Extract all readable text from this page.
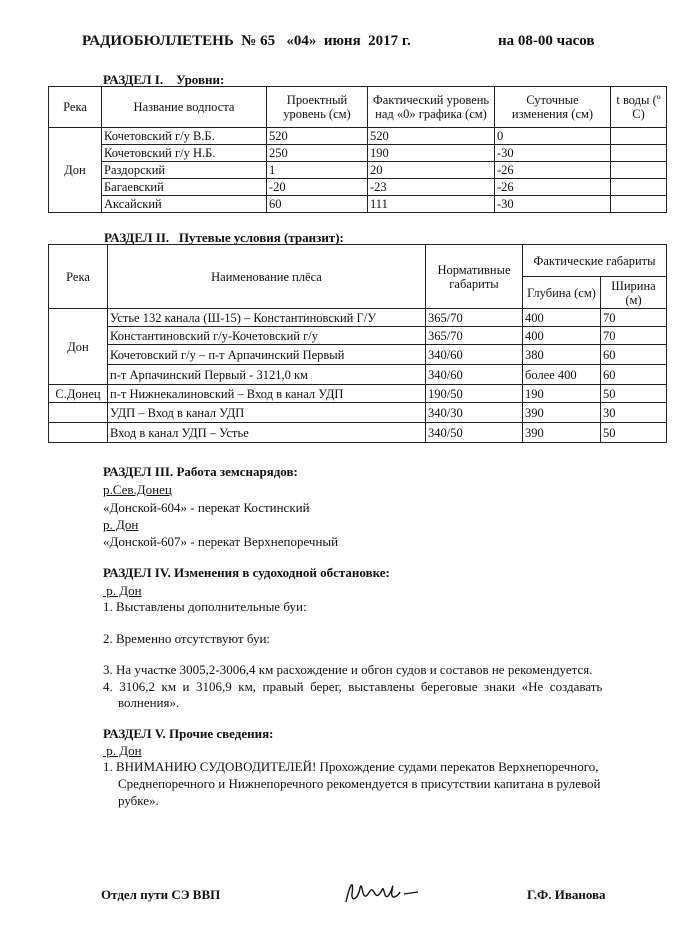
РАДИОБЮЛЛЕТЕНЬ  № 65   «04»  июня  2017 г.	на 08-00 часов
РАЗДЕЛ I.    Уровни:
Река	Название водпоста	Проектный уровень (см)	Фактический уровень над «0» графика (см)	Суточные изменения (см)	t воды (º С)
Дон	Кочетовский г/у В.Б.	520	520	0	
	Кочетовский г/у Н.Б.	250	190	-30	
	Раздорский	1	20	-26	
	Багаевский	-20	-23	-26	
	Аксайский	60	111	-30	
РАЗДЕЛ II.   Путевые условия (транзит):
Река	Наименование плёса	Нормативные габариты	Фактические габариты	
			Глубина (см)	Ширина (м)
Дон	Устье 132 канала (Ш-15) – Константиновский Г/У	365/70	400	70
	Константиновский г/у-Кочетовский г/у	365/70	400	70
	Кочетовский г/у – п-т Арпачинский Первый	340/60	380	60
	п-т Арпачинский Первый - 3121,0 км	340/60	более 400	60
С.Донец	п-т Нижнекалиновский – Вход в канал УДП	190/50	190	50
	УДП – Вход в канал УДП	340/30	390	30
	Вход в канал УДП – Устье	340/50	390	50
РАЗДЕЛ III. Работа земснарядов:
р.Сев.Донец
«Донской-604» - перекат Костинский
р. Дон
«Донской-607» - перекат Верхнепоречный
РАЗДЕЛ IV. Изменения в судоходной обстановке:
р. Дон
1. Выставлены дополнительные буи:
2. Временно отсутствуют буи:
3. На участке 3005,2-3006,4 км расхождение и обгон судов и составов не рекомендуется.
4.  3106,2  км  и  3106,9  км,  правый  берег,  выставлены  береговые  знаки  «Не  создавать
волнения».
РАЗДЕЛ V. Прочие сведения:
р. Дон
1. ВНИМАНИЮ СУДОВОДИТЕЛЕЙ! Прохождение судами перекатов Верхнепоречного,
Среднепоречного и Нижнепоречного рекомендуется в присутствии капитана в рулевой
рубке».
Отдел пути СЭ ВВП	Г.Ф. Иванова
